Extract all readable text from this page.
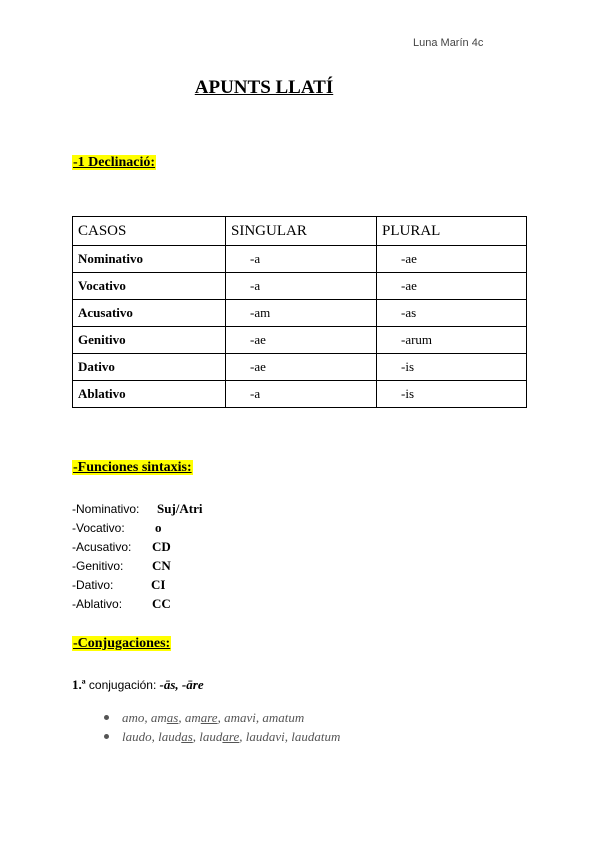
Luna Marín 4c
APUNTS LLATÍ
-1 Declinació:
CASOS	SINGULAR	PLURAL
Nominativo	-a	-ae
Vocativo	-a	-ae
Acusativo	-am	-as
Genitivo	-ae	-arum
Dativo	-ae	-is
Ablativo	-a	-is
-Funciones sintaxis:
-Nominativo: Suj/Atri
-Vocativo: o
-Acusativo: CD
-Genitivo: CN
-Dativo:	CI
-Ablativo: CC
-Conjugaciones:
1.ª conjugación: -ās, -āre
amo, amas, amare, amavi, amatum
laudo, laudas, laudare, laudavi, laudatum
